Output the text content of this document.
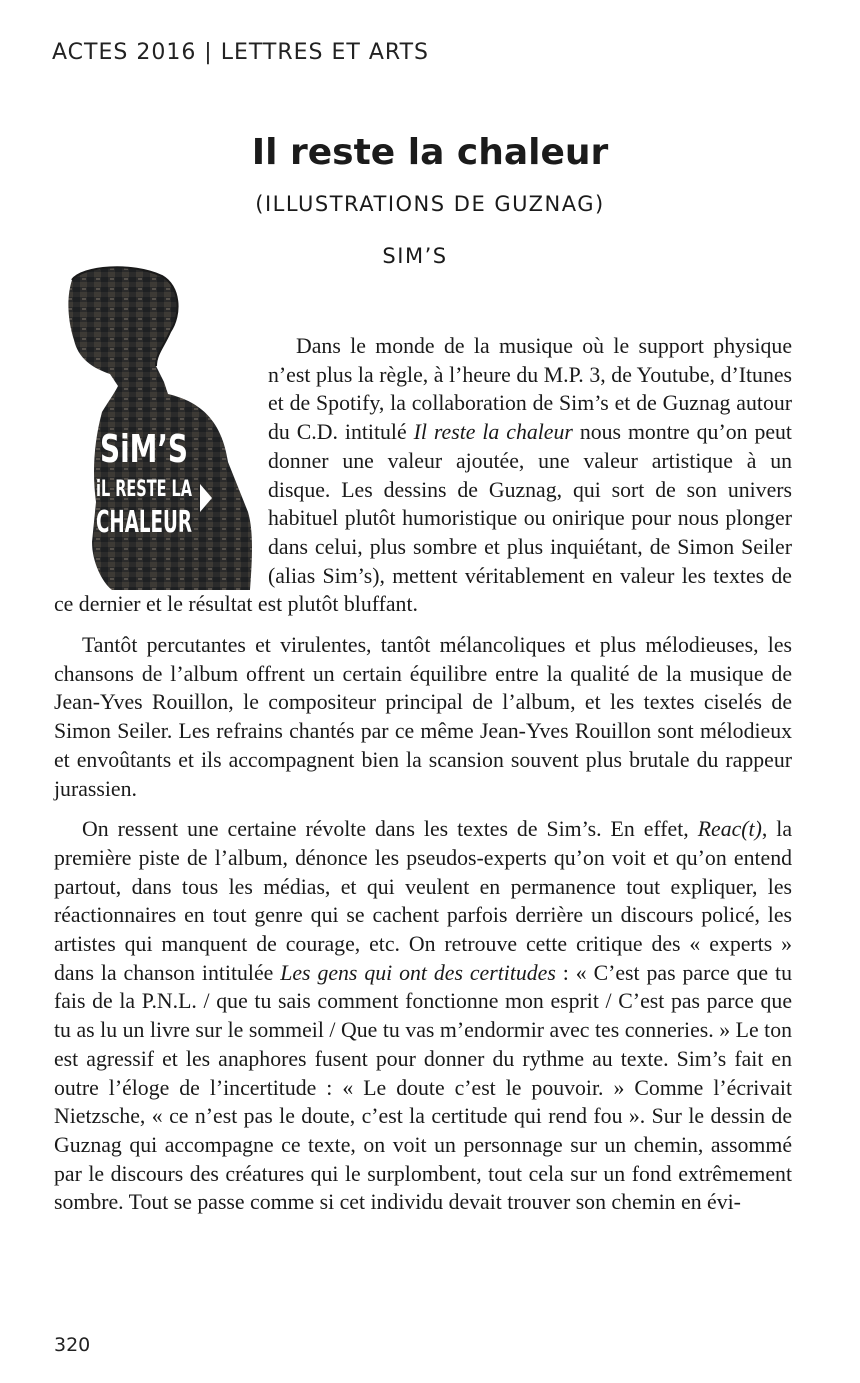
ACTES 2016 | LETTRES ET ARTS
Il reste la chaleur
(ILLUSTRATIONS DE GUZNAG)
SIM’S
SiM’S
iL RESTE LA
CHALEUR

Dans le monde de la musique où le support physique n’est plus la règle, à l’heure du M.P. 3, de Youtube, d’Itunes et de Spotify, la collaboration de Sim’s et de Guznag autour du C.D. intitulé Il reste la chaleur nous montre qu’on peut donner une valeur ajoutée, une valeur artistique à un disque. Les dessins de Guznag, qui sort de son univers habituel plutôt humoristique ou onirique pour nous plonger dans celui, plus sombre et plus inquiétant, de Simon Seiler (alias Sim’s), mettent véritablement en valeur les textes de ce dernier et le résultat est plutôt bluffant.

Tantôt percutantes et virulentes, tantôt mélancoliques et plus mélodieuses, les chansons de l’album offrent un certain équilibre entre la qualité de la musique de Jean-Yves Rouillon, le compositeur principal de l’album, et les textes ciselés de Simon Seiler. Les refrains chantés par ce même Jean-Yves Rouillon sont mélodieux et envoûtants et ils accompagnent bien la scansion souvent plus brutale du rappeur jurassien.

On ressent une certaine révolte dans les textes de Sim’s. En effet, Reac(t), la première piste de l’album, dénonce les pseudos-experts qu’on voit et qu’on entend partout, dans tous les médias, et qui veulent en permanence tout expliquer, les réactionnaires en tout genre qui se cachent parfois derrière un discours policé, les artistes qui manquent de courage, etc. On retrouve cette critique des « experts » dans la chanson intitulée Les gens qui ont des certitudes : « C’est pas parce que tu fais de la P.N.L. / que tu sais comment fonctionne mon esprit / C’est pas parce que tu as lu un livre sur le sommeil / Que tu vas m’endormir avec tes conneries. » Le ton est agressif et les anaphores fusent pour donner du rythme au texte. Sim’s fait en outre l’éloge de l’incertitude : « Le doute c’est le pouvoir. » Comme l’écrivait Nietzsche, « ce n’est pas le doute, c’est la certitude qui rend fou ». Sur le dessin de Guznag qui accompagne ce texte, on voit un personnage sur un chemin, assommé par le discours des créatures qui le surplombent, tout cela sur un fond extrêmement sombre. Tout se passe comme si cet individu devait trouver son chemin en évi-

320
